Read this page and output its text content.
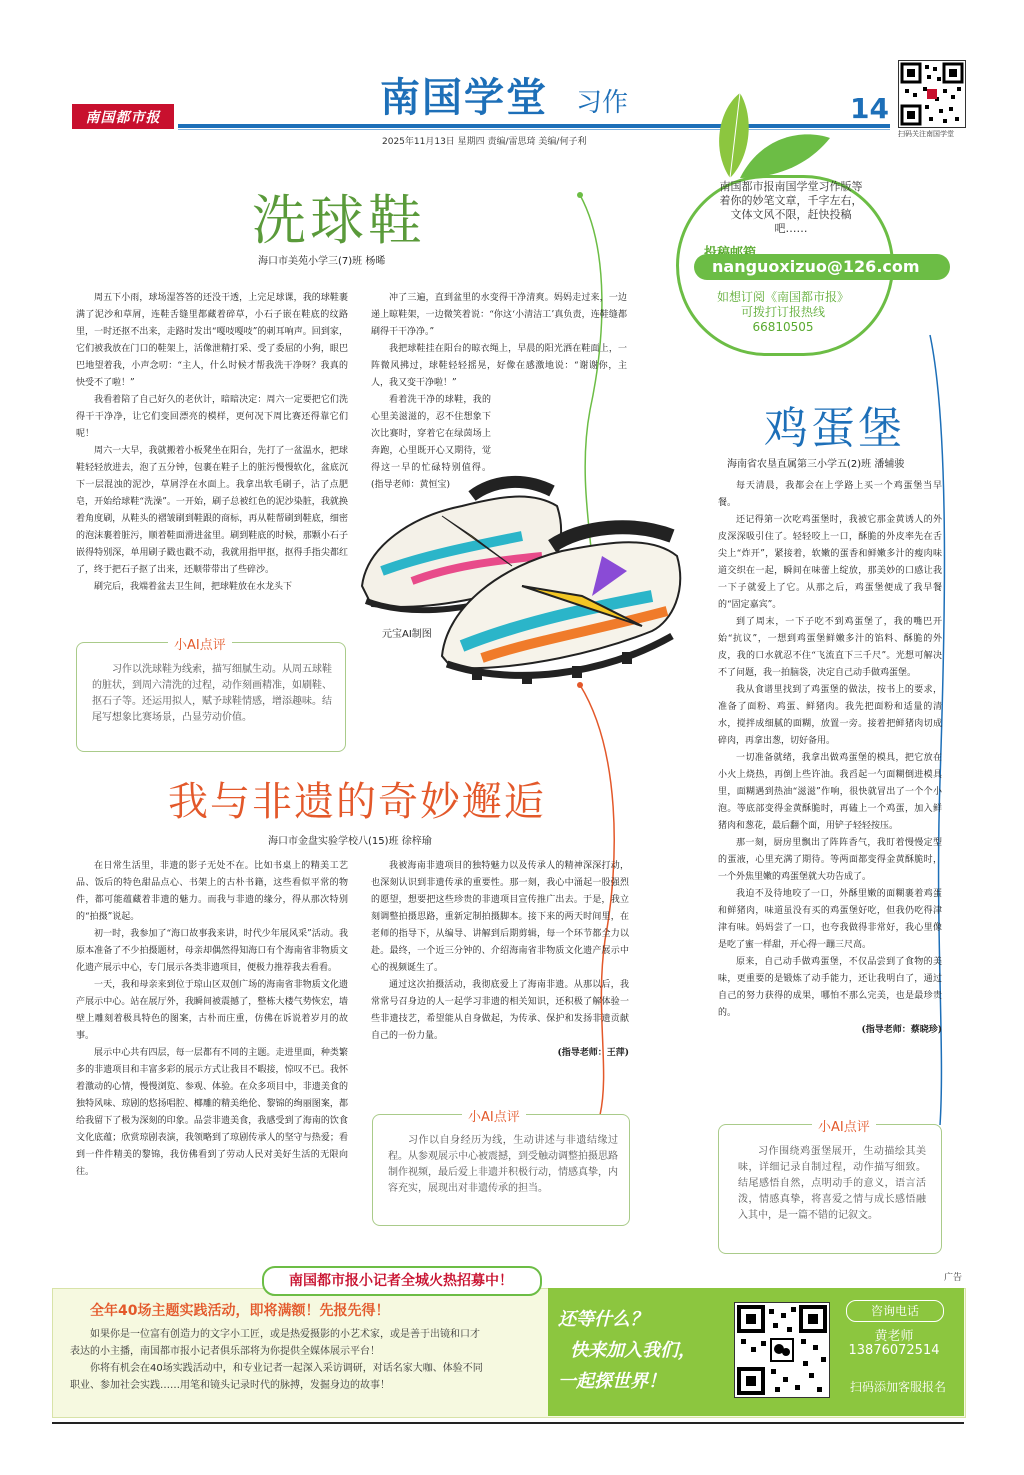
南国都市报	南国学堂 习作
2025年11月13日 星期四 责编/雷思琦 美编/何子利
14
扫码关注南国学堂
南国都市报南国学堂习作版等着你的妙笔文章，千字左右，文体文风不限，赶快投稿吧……
nanguoxizuo@126.com
如想订阅《南国都市报》可拨打订报热线
66810505
洗球鞋
海口市美苑小学三(7)班 杨晞

周五下小雨，球场湿答答的还没干透，上完足球课，我的球鞋裹满了泥沙和草屑，连鞋舌缝里都藏着碎草，小石子嵌在鞋底的纹路里，一时还抠不出来，走路时发出“嘎吱嘎吱”的刺耳响声。回到家，它们被我放在门口的鞋架上，活像泄精打采、受了委屈的小狗，眼巴巴地望着我，小声念叨：“主人，什么时候才帮我洗干净呀？我真的快受不了啦！”

我看着陪了自己好久的老伙计，暗暗决定：周六一定要把它们洗得干干净净，让它们变回漂亮的模样，更何况下周比赛还得靠它们呢！

周六一大早，我就搬着小板凳坐在阳台，先打了一盆温水，把球鞋轻轻放进去，泡了五分钟，包裹在鞋子上的脏污慢慢软化，盆底沉下一层混浊的泥沙，草屑浮在水面上。我拿出软毛刷子，沾了点肥皂，开始给球鞋“洗澡”。一开始，刷子总被红色的泥沙染脏，我就换着角度刷，从鞋头的褶皱刷到鞋跟的商标，再从鞋帮刷到鞋底，细密的泡沫裹着脏污，顺着鞋面滑进盆里。刷到鞋底的时候，那颗小石子嵌得特别深，单用刷子戳也戳不动，我就用指甲抠，抠得手指尖都红了，终于把石子抠了出来，还顺带带出了些碎沙。

刷完后，我端着盆去卫生间，把球鞋放在水龙头下

冲了三遍，直到盆里的水变得干净清爽。妈妈走过来，一边递上晾鞋架，一边微笑着说：“你这‘小清洁工’真负责，连鞋缝都刷得干干净净。”

我把球鞋挂在阳台的晾衣绳上，早晨的阳光洒在鞋面上，一阵微风拂过，球鞋轻轻摇晃，好像在感激地说：“谢谢你，主人，我又变干净啦！”

看着洗干净的球鞋，我的心里美滋滋的，忍不住想象下次比赛时，穿着它在绿茵场上奔跑，心里既开心又期待，觉得这一早的忙碌特别值得。(指导老师：黄恒宝)

元宝AI制图
小AI点评
习作以洗球鞋为线索，描写细腻生动。从周五球鞋的脏状，到周六清洗的过程，动作刻画精准，如刷鞋、抠石子等。还运用拟人，赋予球鞋情感，增添趣味。结尾写想象比赛场景，凸显劳动价值。
鸡蛋堡
海南省农垦直属第三小学五(2)班 潘辅骏

每天清晨，我都会在上学路上买一个鸡蛋堡当早餐。

还记得第一次吃鸡蛋堡时，我被它那金黄诱人的外皮深深吸引住了。轻轻咬上一口，酥脆的外皮率先在舌尖上“炸开”，紧接着，软嫩的蛋香和鲜嫩多汁的瘦肉味道交织在一起，瞬间在味蕾上绽放，那美妙的口感让我一下子就爱上了它。从那之后，鸡蛋堡便成了我早餐的“固定嘉宾”。

到了周末，一下子吃不到鸡蛋堡了，我的嘴巴开始“抗议”，一想到鸡蛋堡鲜嫩多汁的馅料、酥脆的外皮，我的口水就忍不住“飞流直下三千尺”。光想可解决不了问题，我一拍脑袋，决定自己动手做鸡蛋堡。

我从食谱里找到了鸡蛋堡的做法，按书上的要求，准备了面粉、鸡蛋、鲜猪肉。我先把面粉和适量的清水，搅拌成细腻的面糊，放置一旁。接着把鲜猪肉切成碎肉，再拿出葱，切好备用。

一切准备就绪，我拿出做鸡蛋堡的模具，把它放在小火上烧热，再倒上些许油。我舀起一勺面糊倒进模具里，面糊遇到热油“滋滋”作响，很快就冒出了一个个小泡。等底部变得金黄酥脆时，再磕上一个鸡蛋，加入鲜猪肉和葱花，最后翻个面，用铲子轻轻按压。

那一刻，厨房里飘出了阵阵香气，我盯着慢慢定型的蛋液，心里充满了期待。等两面都变得金黄酥脆时，一个外焦里嫩的鸡蛋堡就大功告成了。

我迫不及待地咬了一口，外酥里嫩的面糊裹着鸡蛋和鲜猪肉，味道虽没有买的鸡蛋堡好吃，但我仍吃得津津有味。妈妈尝了一口，也夸我做得非常好，我心里像是吃了蜜一样甜，开心得一蹦三尺高。

原来，自己动手做鸡蛋堡，不仅品尝到了食物的美味，更重要的是锻炼了动手能力，还让我明白了，通过自己的努力获得的成果，哪怕不那么完美，也是最珍贵的。

(指导老师：蔡晓珍)
小AI点评
习作围绕鸡蛋堡展开，生动描绘其美味，详细记录自制过程，动作描写细致。结尾感悟自然，点明动手的意义，语言活泼，情感真挚，将喜爱之情与成长感悟融入其中，是一篇不错的记叙文。
我与非遗的奇妙邂逅
海口市金盘实验学校八(15)班 徐梓瑜

在日常生活里，非遗的影子无处不在。比如书桌上的精美工艺品、饭后的特色甜品点心、书架上的古朴书籍，这些看似平常的物件，都可能蕴藏着非遗的魅力。而我与非遗的缘分，得从那次特别的“拍摄”说起。

初一时，我参加了“海口故事我来讲，时代少年展风采”活动。我原本准备了不少拍摄题材，母亲却偶然得知海口有个海南省非物质文化遗产展示中心，专门展示各类非遗项目，便极力推荐我去看看。

一天，我和母亲来到位于琼山区双创广场的海南省非物质文化遗产展示中心。站在展厅外，我瞬间被震撼了，整栋大楼气势恢宏，墙壁上雕刻着极具特色的图案，古朴而庄重，仿佛在诉说着岁月的故事。

展示中心共有四层，每一层都有不同的主题。走进里面，种类繁多的非遗项目和丰富多彩的展示方式让我目不暇接，惊叹不已。我怀着激动的心情，慢慢浏览、参观、体验。在众多项目中，非遗美食的独特风味、琼剧的悠扬唱腔、椰雕的精美绝伦、黎锦的绚丽图案，都给我留下了极为深刻的印象。品尝非遗美食，我感受到了海南的饮食文化底蕴；欣赏琼剧表演，我领略到了琼剧传承人的坚守与热爱；看到一件件精美的黎锦，我仿佛看到了劳动人民对美好生活的无限向往。

我被海南非遗项目的独特魅力以及传承人的精神深深打动，也深刻认识到非遗传承的重要性。那一刻，我心中涌起一股强烈的愿望，想要把这些珍贵的非遗项目宣传推广出去。于是，我立刻调整拍摄思路，重新定制拍摄脚本。接下来的两天时间里，在老师的指导下，从编导、讲解到后期剪辑，每一个环节都全力以赴。最终，一个近三分钟的、介绍海南省非物质文化遗产展示中心的视频诞生了。

通过这次拍摄活动，我彻底爱上了海南非遗。从那以后，我常常号召身边的人一起学习非遗的相关知识，还积极了解体验一些非遗技艺，希望能从自身做起，为传承、保护和发扬非遗贡献自己的一份力量。

(指导老师：王萍)
小AI点评
习作以自身经历为线，生动讲述与非遗结缘过程。从参观展示中心被震撼，到受触动调整拍摄思路制作视频，最后爱上非遗并积极行动，情感真挚，内容充实，展现出对非遗传承的担当。
广告
南国都市报小记者全城火热招募中！
全年40场主题实践活动，即将满额！先报先得！
如果你是一位富有创造力的文字小工匠，或是热爱摄影的小艺术家，或是善于出镜和口才表达的小主播，南国都市报小记者俱乐部将为你提供全媒体展示平台！
你将有机会在40场实践活动中，和专业记者一起深入采访调研，对话名家大咖、体验不同职业、参加社会实践……用笔和镜头记录时代的脉搏，发掘身边的故事！
还等什么？
快来加入我们，
一起探世界！
咨询电话
黄老师
13876072514
扫码添加客服报名
